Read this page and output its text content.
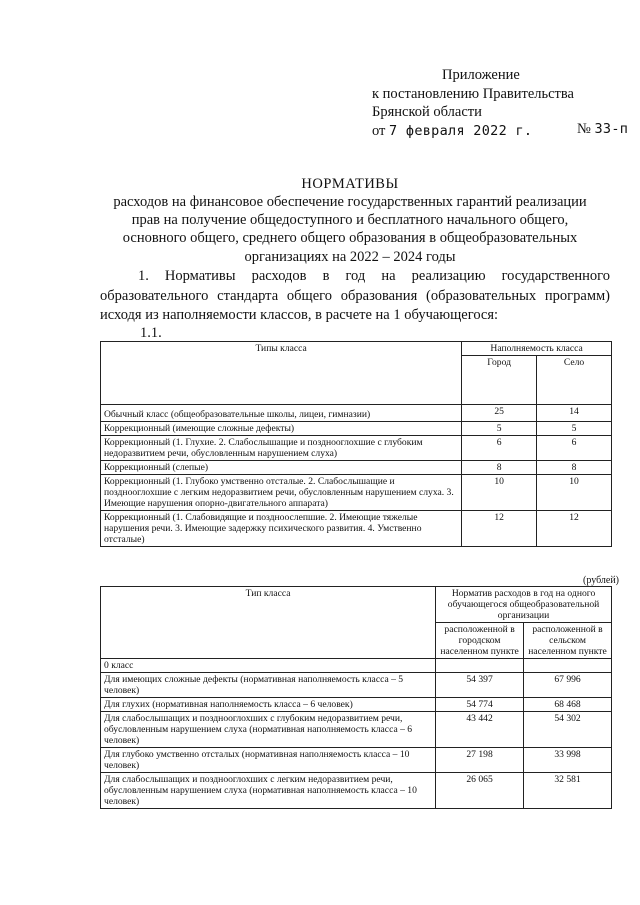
Приложение
к постановлению Правительства
Брянской области
от 7 февраля 2022 г.	№ 33-п
НОРМАТИВЫ
расходов на финансовое обеспечение государственных гарантий реализации
прав на получение общедоступного и бесплатного начального общего,
основного общего, среднего общего образования в общеобразовательных
организациях на 2022 – 2024 годы
1. Нормативы расходов в год на реализацию государственного образовательного стандарта общего образования (образовательных программ) исходя из наполняемости классов, в расчете на 1 обучающегося:
1.1.
Типы класса	Наполняемость класса	
	Город	Село
Обычный класс (общеобразовательные школы, лицеи, гимназии)	25	14
Коррекционный (имеющие сложные дефекты)	5	5
Коррекционный (1. Глухие. 2. Слабослышащие и позднооглохшие с глубоким недоразвитием речи, обусловленным нарушением слуха)	6	6
Коррекционный (слепые)	8	8
Коррекционный (1. Глубоко умственно отсталые. 2. Слабослышащие и позднооглохшие с легким недоразвитием речи, обусловленным нарушением слуха. 3. Имеющие нарушения опорно-двигательного аппарата)	10	10
Коррекционный (1. Слабовидящие и поздноослепшие. 2. Имеющие тяжелые нарушения речи. 3. Имеющие задержку психического развития. 4. Умственно отсталые)	12	12
(рублей)
Тип класса	Норматив расходов в год на одного обучающегося общеобразовательной организации	
	расположенной в городском населенном пункте	расположенной в сельском населенном пункте
0 класс		
Для имеющих сложные дефекты (нормативная наполняемость класса – 5 человек)	54 397	67 996
Для глухих (нормативная наполняемость класса – 6 человек)	54 774	68 468
Для слабослышащих и позднооглохших с глубоким недоразвитием речи, обусловленным нарушением слуха (нормативная наполняемость класса – 6 человек)	43 442	54 302
Для глубоко умственно отсталых (нормативная наполняемость класса – 10 человек)	27 198	33 998
Для слабослышащих и позднооглохших с легким недоразвитием речи, обусловленным нарушением слуха (нормативная наполняемость класса – 10 человек)	26 065	32 581
